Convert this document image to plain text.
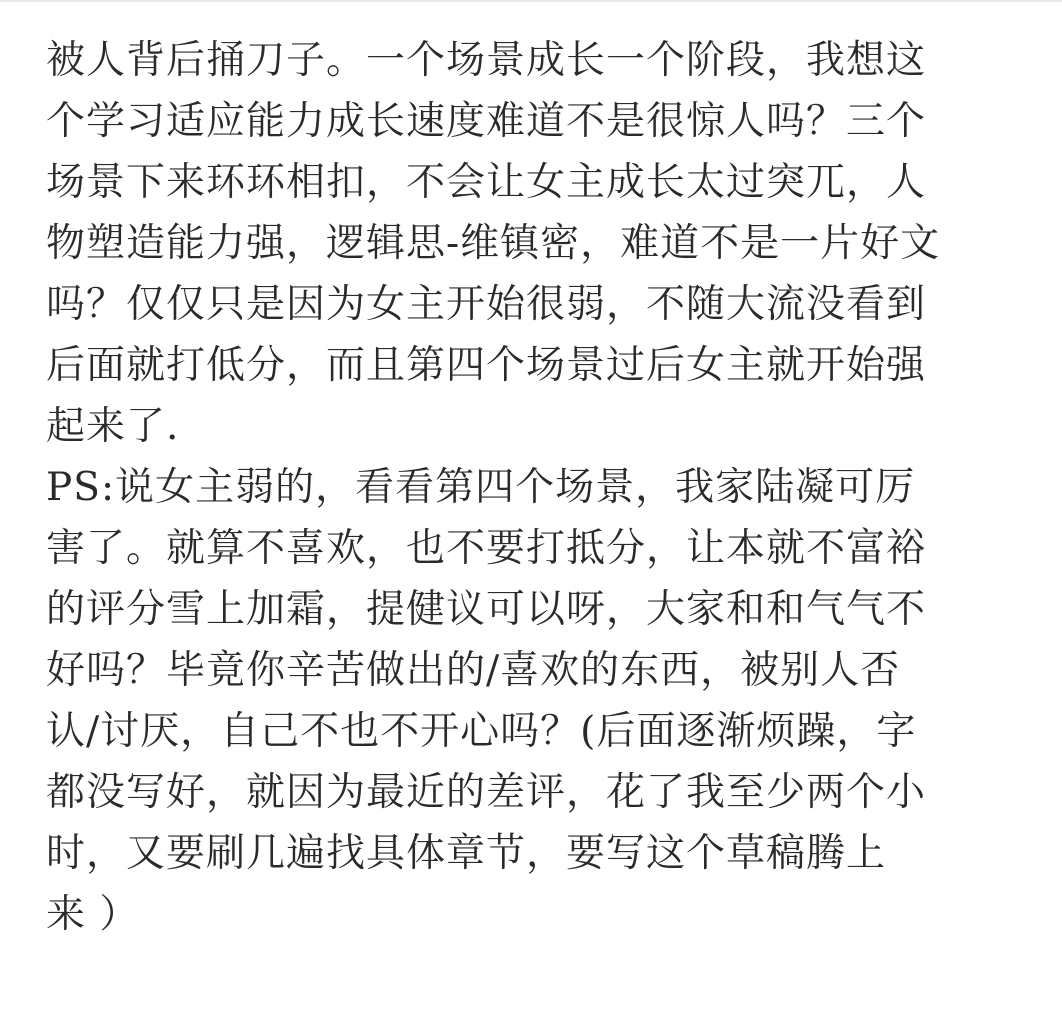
被人背后捅刀子。一个场景成长一个阶段，我想这
个学习适应能力成长速度难道不是很惊人吗？三个
场景下来环环相扣，不会让女主成长太过突兀，人
物塑造能力强，逻辑思-维镇密，难道不是一片好文
吗？仅仅只是因为女主开始很弱，不随大流没看到
后面就打低分，而且第四个场景过后女主就开始强
起来了.
PS:说女主弱的，看看第四个场景，我家陆凝可厉
害了。就算不喜欢，也不要打抵分，让本就不富裕
的评分雪上加霜，提健议可以呀，大家和和气气不
好吗？毕竟你辛苦做出的/喜欢的东西，被别人否
认/讨厌，自己不也不开心吗？(后面逐渐烦躁，字
都没写好，就因为最近的差评，花了我至少两个小
时，又要刷几遍找具体章节，要写这个草稿腾上
来 ）
